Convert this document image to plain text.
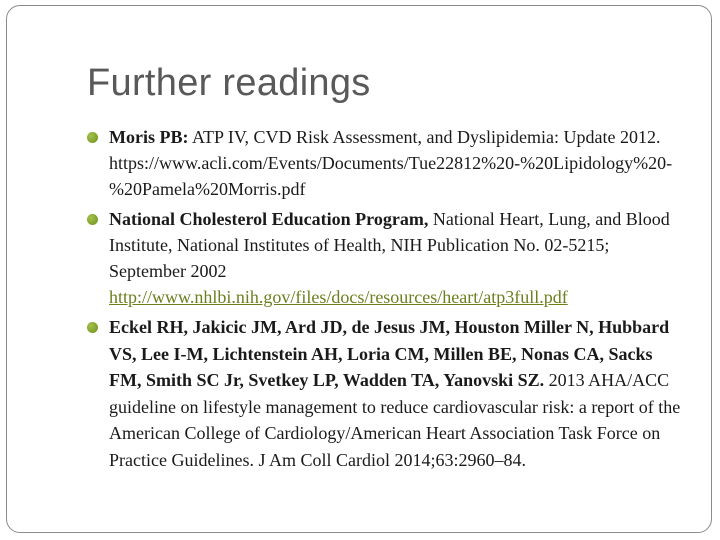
Further readings
Moris PB: ATP IV, CVD Risk Assessment, and Dyslipidemia: Update 2012. https://www.acli.com/Events/Documents/Tue22812%20-%20Lipidology%20-%20Pamela%20Morris.pdf
National Cholesterol Education Program, National Heart, Lung, and Blood Institute, National Institutes of Health, NIH Publication No. 02-5215; September 2002 http://www.nhlbi.nih.gov/files/docs/resources/heart/atp3full.pdf
Eckel RH, Jakicic JM, Ard JD, de Jesus JM, Houston Miller N, Hubbard VS, Lee I-M, Lichtenstein AH, Loria CM, Millen BE, Nonas CA, Sacks FM, Smith SC Jr, Svetkey LP, Wadden TA, Yanovski SZ. 2013 AHA/ACC guideline on lifestyle management to reduce cardiovascular risk: a report of the American College of Cardiology/American Heart Association Task Force on Practice Guidelines. J Am Coll Cardiol 2014;63:2960–84.
